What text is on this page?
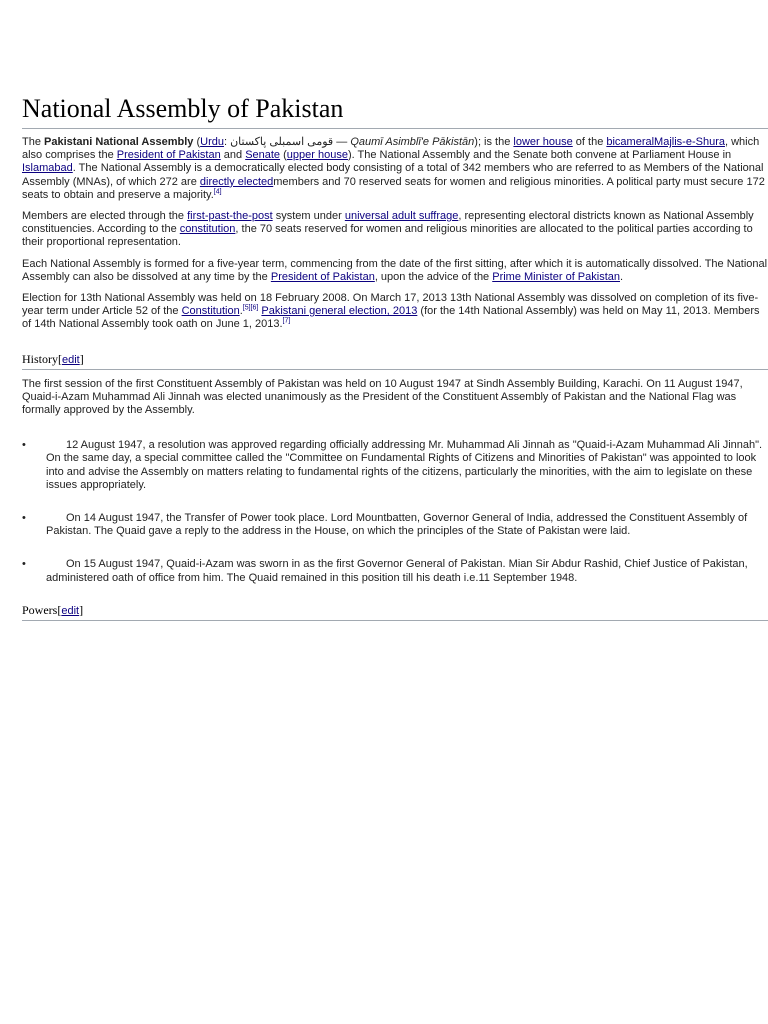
National Assembly of Pakistan

The Pakistani National Assembly (Urdu: قومی اسمبلی پاکستان — Qaumī Asimblī'e Pākistān); is the lower house of the bicameralMajlis-e-Shura, which also comprises the President of Pakistan and Senate (upper house). The National Assembly and the Senate both convene at Parliament House in Islamabad. The National Assembly is a democratically elected body consisting of a total of 342 members who are referred to as Members of the National Assembly (MNAs), of which 272 are directly electedmembers and 70 reserved seats for women and religious minorities. A political party must secure 172 seats to obtain and preserve a majority.[4]

Members are elected through the first-past-the-post system under universal adult suffrage, representing electoral districts known as National Assembly constituencies. According to the constitution, the 70 seats reserved for women and religious minorities are allocated to the political parties according to their proportional representation.

Each National Assembly is formed for a five-year term, commencing from the date of the first sitting, after which it is automatically dissolved. The National Assembly can also be dissolved at any time by the President of Pakistan, upon the advice of the Prime Minister of Pakistan.

Election for 13th National Assembly was held on 18 February 2008. On March 17, 2013 13th National Assembly was dissolved on completion of its five-year term under Article 52 of the Constitution.[5][6] Pakistani general election, 2013 (for the 14th National Assembly) was held on May 11, 2013. Members of 14th National Assembly took oath on June 1, 2013.[7]

History[edit]

The first session of the first Constituent Assembly of Pakistan was held on 10 August 1947 at Sindh Assembly Building, Karachi. On 11 August 1947, Quaid-i-Azam Muhammad Ali Jinnah was elected unanimously as the President of the Constituent Assembly of Pakistan and the National Flag was formally approved by the Assembly.

•	12 August 1947, a resolution was approved regarding officially addressing Mr. Muhammad Ali Jinnah as "Quaid-i-Azam Muhammad Ali Jinnah". On the same day, a special committee called the "Committee on Fundamental Rights of Citizens and Minorities of Pakistan" was appointed to look into and advise the Assembly on matters relating to fundamental rights of the citizens, particularly the minorities, with the aim to legislate on these issues appropriately.
•	On 14 August 1947, the Transfer of Power took place. Lord Mountbatten, Governor General of India, addressed the Constituent Assembly of Pakistan. The Quaid gave a reply to the address in the House, on which the principles of the State of Pakistan were laid.
•	On 15 August 1947, Quaid-i-Azam was sworn in as the first Governor General of Pakistan. Mian Sir Abdur Rashid, Chief Justice of Pakistan, administered oath of office from him. The Quaid remained in this position till his death i.e.11 September 1948.
Powers[edit]
